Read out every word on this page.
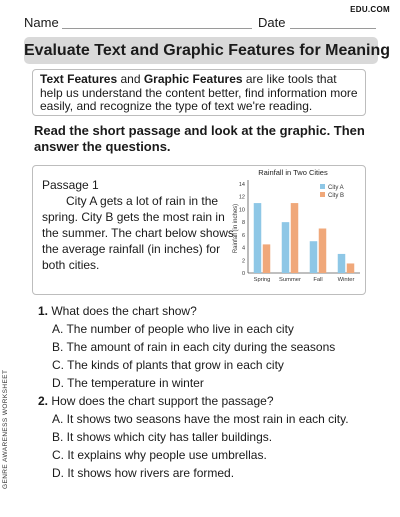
EDU.COM
Name	Date
Evaluate Text and Graphic Features for Meaning
Text Features and Graphic Features are like tools that help us understand the content better, find information more easily, and recognize the type of text we're reading.
Read the short passage and look at the graphic. Then answer the questions.
Passage 1
City A gets a lot of rain in the spring. City B gets the most rain in the summer. The chart below shows the average rainfall (in inches) for both cities.
Rainfall in Two Cities
Rainfall (in inches)
0
2
4
6
8
10
12
14
Spring Summer Fall	Winter
City A
City B
1. What does the chart show?
A. The number of people who live in each city
B. The amount of rain in each city during the seasons
C. The kinds of plants that grow in each city
D. The temperature in winter
2. How does the chart support the passage?
A. It shows two seasons have the most rain in each city.
B. It shows which city has taller buildings.
C. It explains why people use umbrellas.
D. It shows how rivers are formed.
GENRE AWARENESS WORKSHEET
